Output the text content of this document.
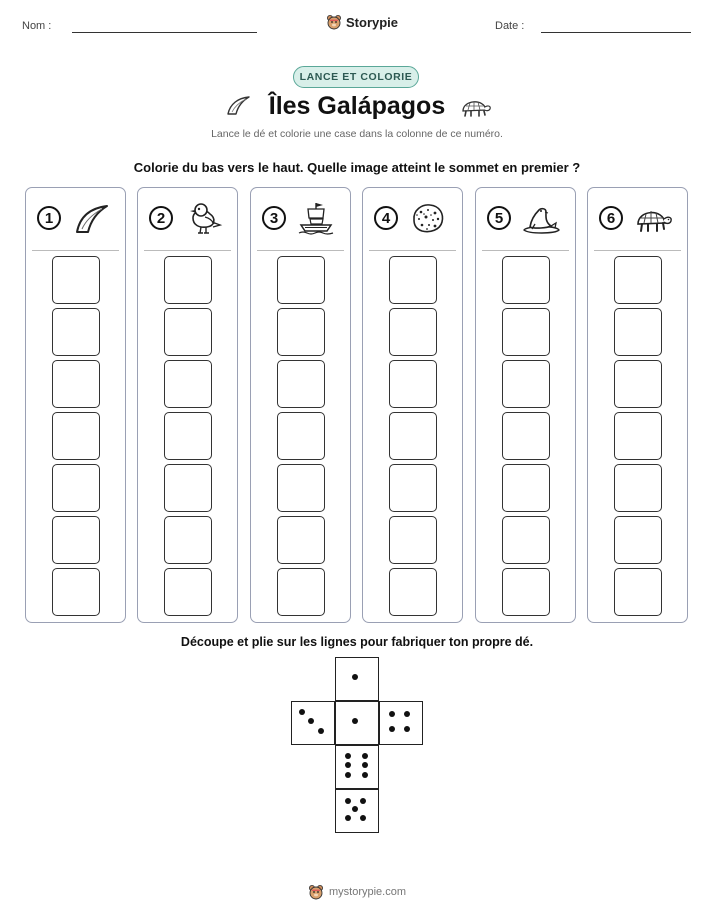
Nom :	Storypie	Date :
LANCE ET COLORIE
Îles Galápagos
Lance le dé et colorie une case dans la colonne de ce numéro.
Colorie du bas vers le haut. Quelle image atteint le sommet en premier ?
1	2	3	4	5	6
Découpe et plie sur les lignes pour fabriquer ton propre dé.
mystorypie.com
